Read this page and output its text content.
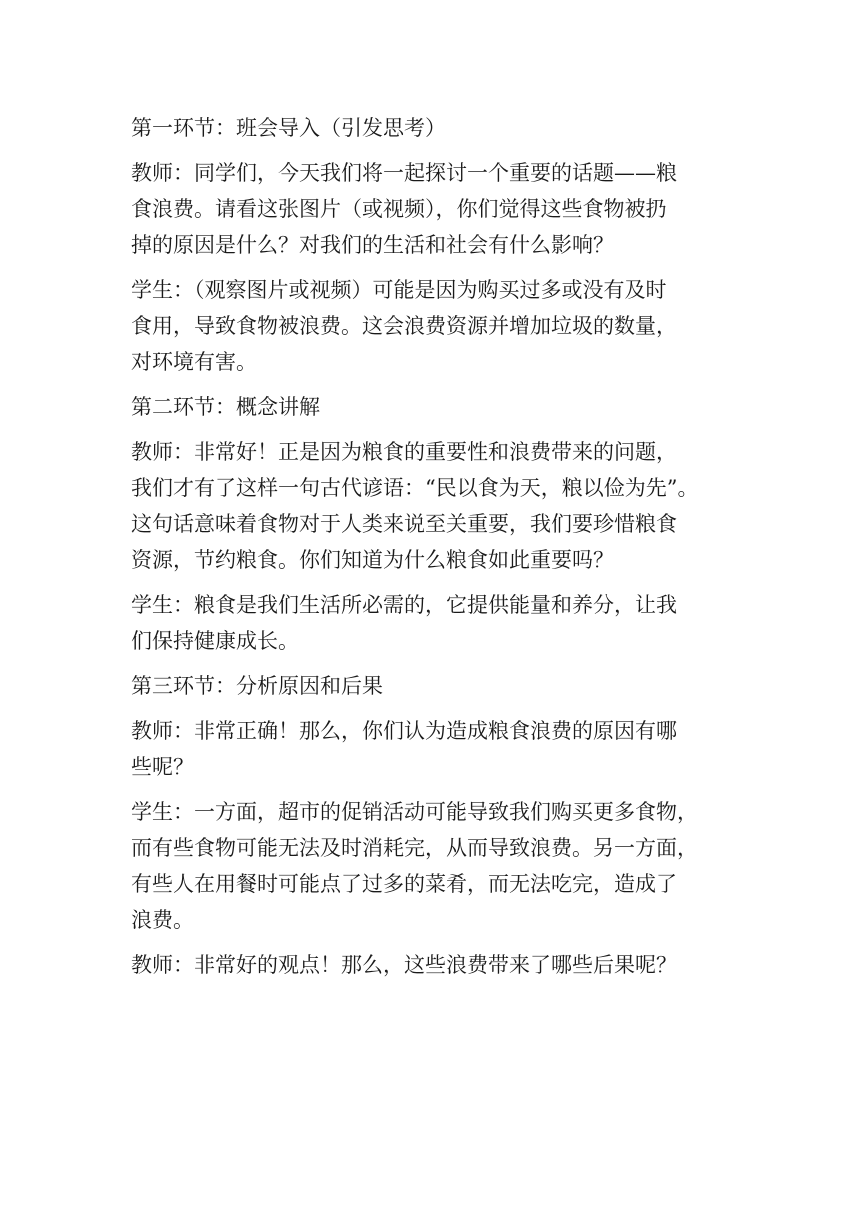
第一环节：班会导入（引发思考）

教师：同学们，今天我们将一起探讨一个重要的话题——粮
食浪费。请看这张图片（或视频），你们觉得这些食物被扔
掉的原因是什么？对我们的生活和社会有什么影响？

学生：（观察图片或视频）可能是因为购买过多或没有及时
食用，导致食物被浪费。这会浪费资源并增加垃圾的数量，
对环境有害。

第二环节：概念讲解

教师：非常好！正是因为粮食的重要性和浪费带来的问题，
我们才有了这样一句古代谚语：“民以食为天，粮以俭为先”。
这句话意味着食物对于人类来说至关重要，我们要珍惜粮食
资源，节约粮食。你们知道为什么粮食如此重要吗？

学生：粮食是我们生活所必需的，它提供能量和养分，让我
们保持健康成长。

第三环节：分析原因和后果

教师：非常正确！那么，你们认为造成粮食浪费的原因有哪
些呢？

学生：一方面，超市的促销活动可能导致我们购买更多食物，
而有些食物可能无法及时消耗完，从而导致浪费。另一方面，
有些人在用餐时可能点了过多的菜肴，而无法吃完，造成了
浪费。

教师：非常好的观点！那么，这些浪费带来了哪些后果呢？
